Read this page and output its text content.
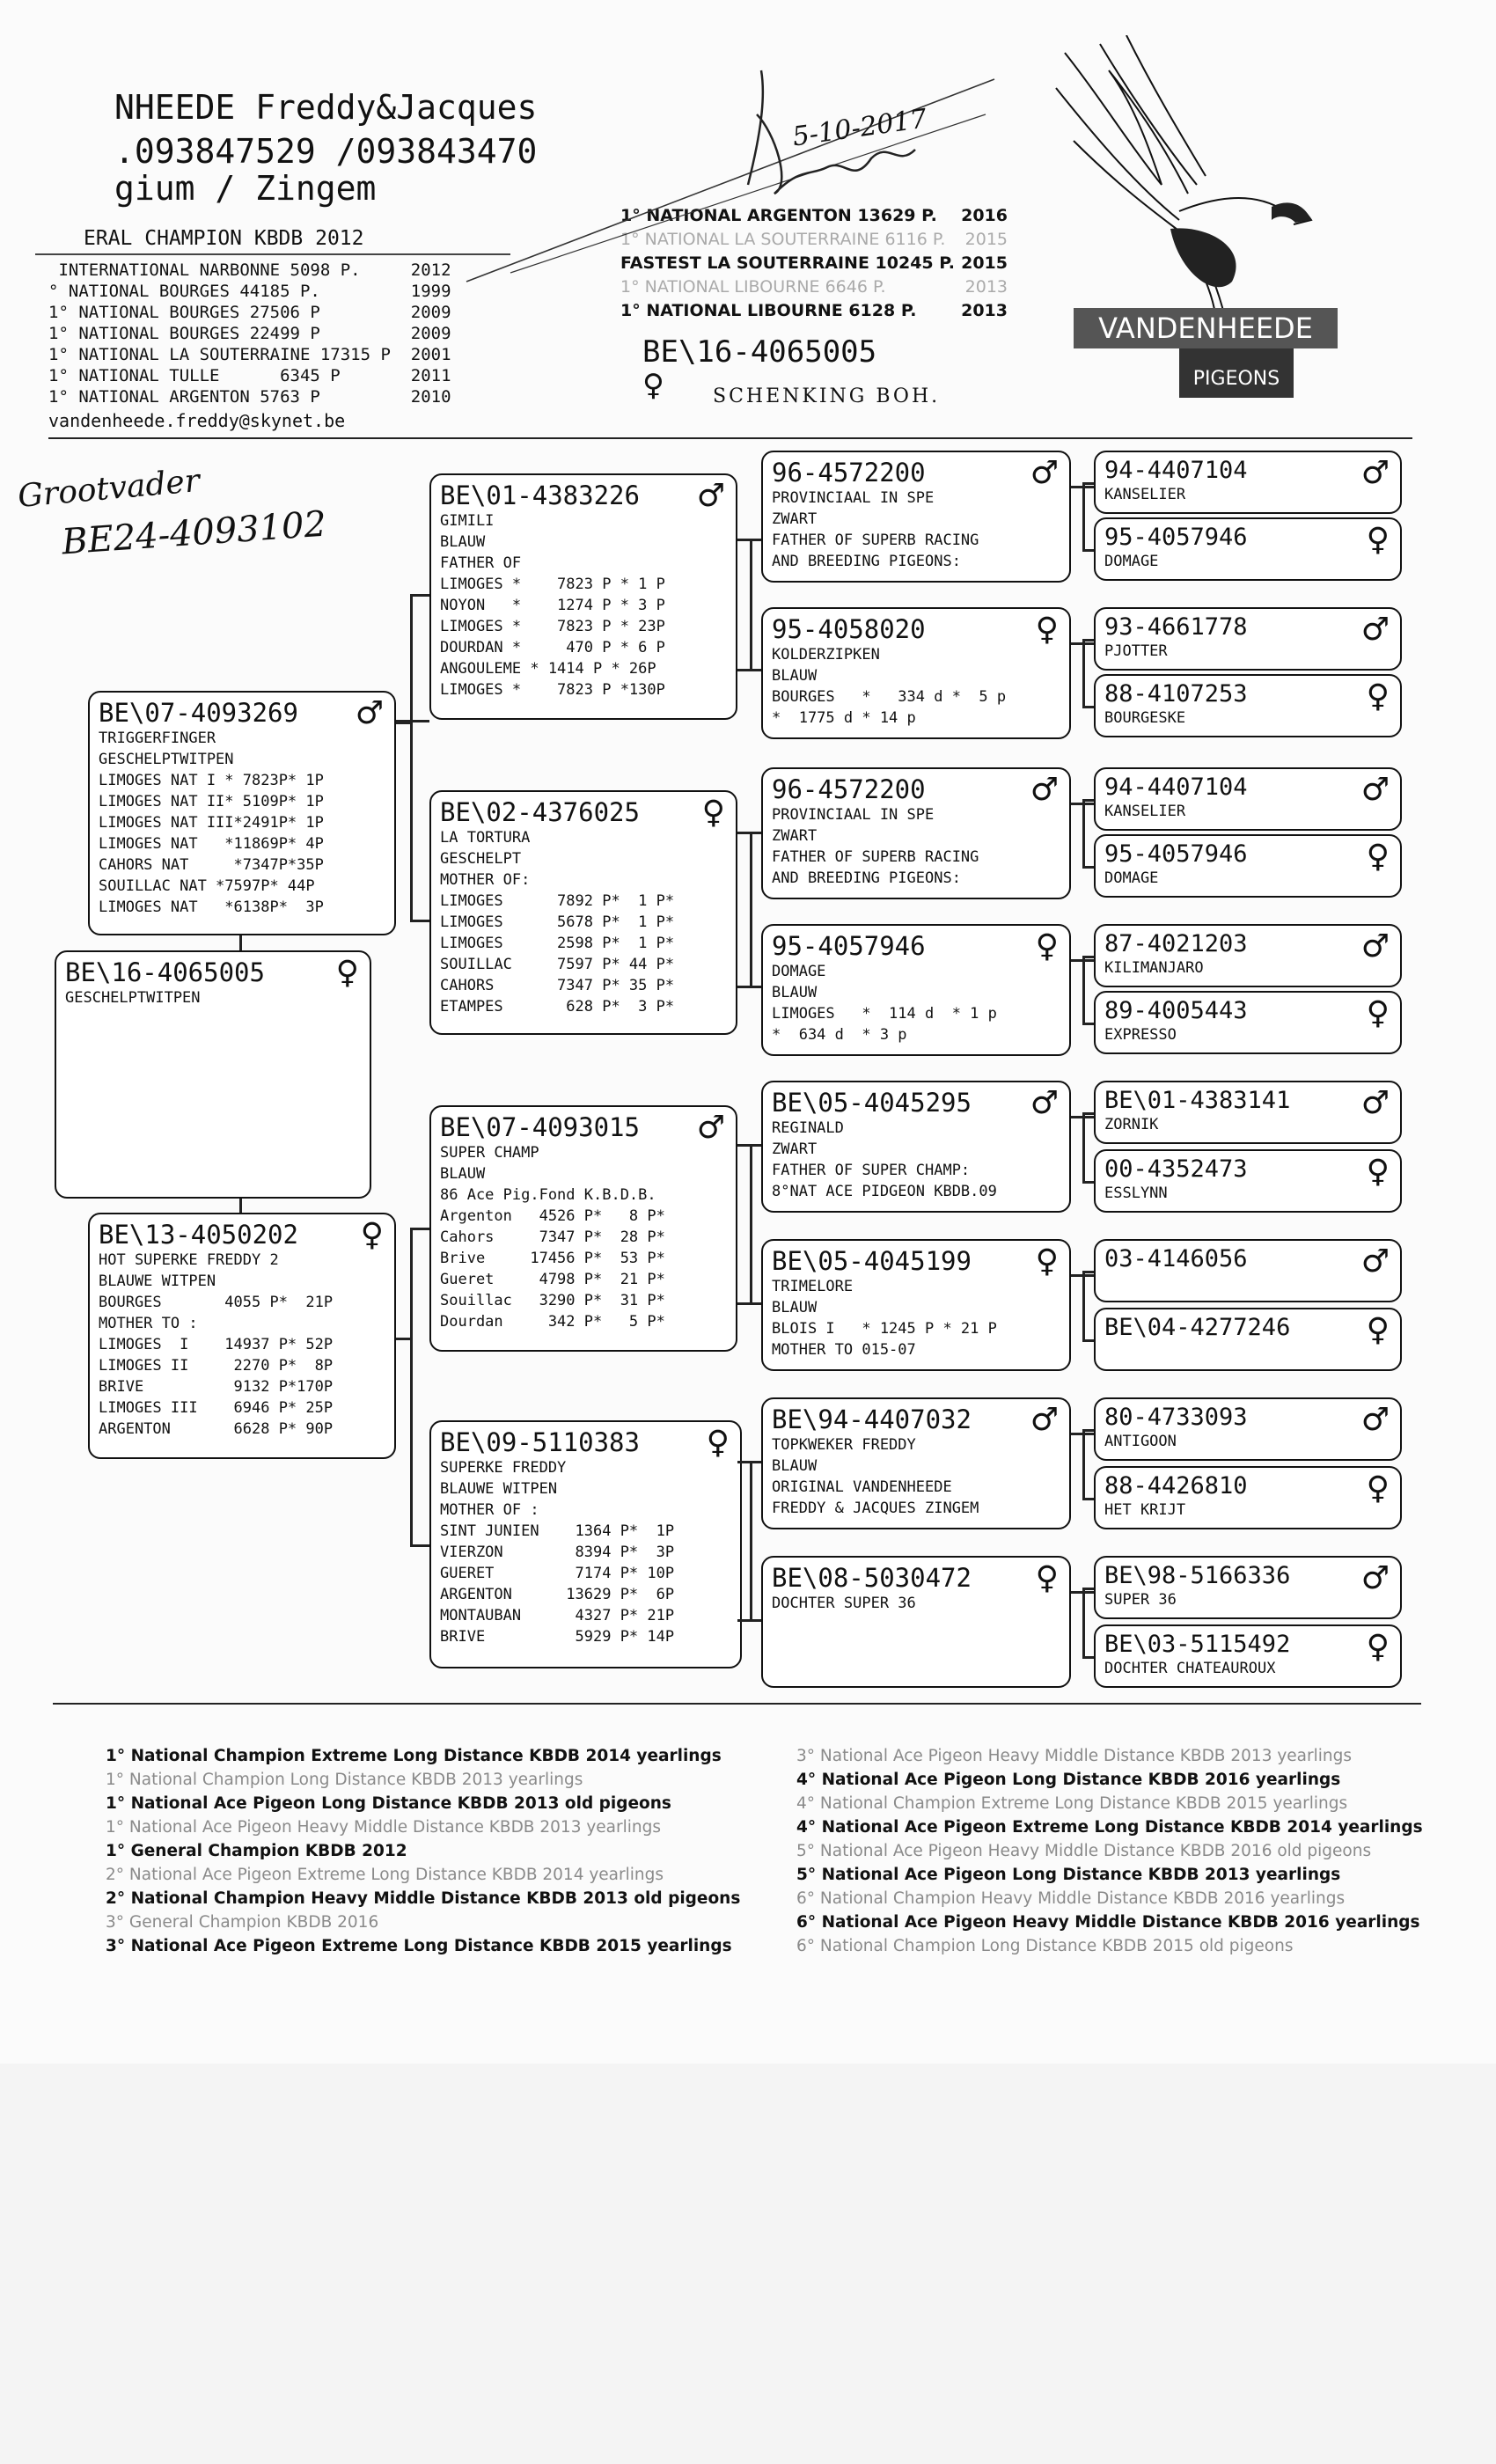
NHEEDE Freddy&Jacques
.093847529 /093843470
gium / Zingem
ERAL CHAMPION KBDB 2012
INTERNATIONAL NARBONNE 5098 P.     2012
° NATIONAL BOURGES 44185 P.         1999
1° NATIONAL BOURGES 27506 P         2009
1° NATIONAL BOURGES 22499 P         2009
1° NATIONAL LA SOUTERRAINE 17315 P  2001
1° NATIONAL TULLE      6345 P       2011
1° NATIONAL ARGENTON 5763 P         2010
vandenheede.freddy@skynet.be
1° NATIONAL ARGENTON 13629 P. 2016
1° NATIONAL LA SOUTERRAINE 6116 P. 2015
FASTEST LA SOUTERRAINE 10245 P. 2015
1° NATIONAL LIBOURNE 6646 P.	2013
1° NATIONAL LIBOURNE 6128 P.	2013
5-10-2017
BE\16-4065005
♀	SCHENKING BOH.
VANDENHEEDE
PIGEONS
Grootvader
BE24-4093102
BE\16-4065005	♀
GESCHELPTWITPEN
BE\07-4093269	♂
TRIGGERFINGER
GESCHELPTWITPEN
LIMOGES NAT I * 7823P* 1P
LIMOGES NAT II* 5109P* 1P
LIMOGES NAT III*2491P* 1P
LIMOGES NAT   *11869P* 4P
CAHORS NAT     *7347P*35P
SOUILLAC NAT *7597P* 44P
LIMOGES NAT   *6138P*  3P
BE\13-4050202	♀
HOT SUPERKE FREDDY 2
BLAUWE WITPEN
BOURGES       4055 P*  21P
MOTHER TO :
LIMOGES  I    14937 P* 52P
LIMOGES II     2270 P*  8P
BRIVE          9132 P*170P
LIMOGES III    6946 P* 25P
ARGENTON       6628 P* 90P
BE\01-4383226	♂
GIMILI
BLAUW
FATHER OF
LIMOGES *    7823 P * 1 P
NOYON   *    1274 P * 3 P
LIMOGES *    7823 P * 23P
DOURDAN *     470 P * 6 P
ANGOULEME * 1414 P * 26P
LIMOGES *    7823 P *130P
BE\02-4376025	♀
LA TORTURA
GESCHELPT
MOTHER OF:
LIMOGES      7892 P*  1 P*
LIMOGES      5678 P*  1 P*
LIMOGES      2598 P*  1 P*
SOUILLAC     7597 P* 44 P*
CAHORS       7347 P* 35 P*
ETAMPES       628 P*  3 P*
BE\07-4093015	♂
SUPER CHAMP
BLAUW
86 Ace Pig.Fond K.B.D.B.
Argenton   4526 P*   8 P*
Cahors     7347 P*  28 P*
Brive     17456 P*  53 P*
Gueret     4798 P*  21 P*
Souillac   3290 P*  31 P*
Dourdan     342 P*   5 P*
BE\09-5110383	♀
SUPERKE FREDDY
BLAUWE WITPEN
MOTHER OF :
SINT JUNIEN    1364 P*  1P
VIERZON        8394 P*  3P
GUERET         7174 P* 10P
ARGENTON      13629 P*  6P
MONTAUBAN      4327 P* 21P
BRIVE          5929 P* 14P
96-4572200	♂
PROVINCIAAL IN SPE
ZWART
FATHER OF SUPERB RACING
AND BREEDING PIGEONS:
95-4058020	♀
KOLDERZIPKEN
BLAUW
BOURGES   *   334 d *  5 p
*  1775 d * 14 p
96-4572200	♂
PROVINCIAAL IN SPE
ZWART
FATHER OF SUPERB RACING
AND BREEDING PIGEONS:
95-4057946	♀
DOMAGE
BLAUW
LIMOGES   *  114 d  * 1 p
*  634 d  * 3 p
BE\05-4045295	♂
REGINALD
ZWART
FATHER OF SUPER CHAMP:
8°NAT ACE PIDGEON KBDB.09
BE\05-4045199	♀
TRIMELORE
BLAUW
BLOIS I   * 1245 P * 21 P
MOTHER TO 015-07
BE\94-4407032	♂
TOPKWEKER FREDDY
BLAUW
ORIGINAL VANDENHEEDE
FREDDY & JACQUES ZINGEM
BE\08-5030472	♀
DOCHTER SUPER 36
94-4407104	♂
KANSELIER
95-4057946	♀
DOMAGE
93-4661778	♂
PJOTTER
88-4107253	♀
BOURGESKE
94-4407104	♂
KANSELIER
95-4057946	♀
DOMAGE
87-4021203	♂
KILIMANJARO
89-4005443	♀
EXPRESSO
BE\01-4383141	♂
ZORNIK
00-4352473	♀
ESSLYNN
03-4146056	♂
BE\04-4277246	♀
80-4733093	♂
ANTIGOON
88-4426810	♀
HET KRIJT
BE\98-5166336	♂
SUPER 36
BE\03-5115492	♀
DOCHTER CHATEAUROUX
1° National Champion Extreme Long Distance KBDB 2014 yearlings
1° National Champion Long Distance KBDB 2013 yearlings
1° National Ace Pigeon Long Distance KBDB 2013 old pigeons
1° National Ace Pigeon Heavy Middle Distance KBDB 2013 yearlings
1° General Champion KBDB 2012
2° National Ace Pigeon Extreme Long Distance KBDB 2014 yearlings
2° National Champion Heavy Middle Distance KBDB 2013 old pigeons
3° General Champion KBDB 2016
3° National Ace Pigeon Extreme Long Distance KBDB 2015 yearlings
3° National Ace Pigeon Heavy Middle Distance KBDB 2013 yearlings
4° National Ace Pigeon Long Distance KBDB 2016 yearlings
4° National Champion Extreme Long Distance KBDB 2015 yearlings
4° National Ace Pigeon Extreme Long Distance KBDB 2014 yearlings
5° National Ace Pigeon Heavy Middle Distance KBDB 2016 old pigeons
5° National Ace Pigeon Long Distance KBDB 2013 yearlings
6° National Champion Heavy Middle Distance KBDB 2016 yearlings
6° National Ace Pigeon Heavy Middle Distance KBDB 2016 yearlings
6° National Champion Long Distance KBDB 2015 old pigeons
